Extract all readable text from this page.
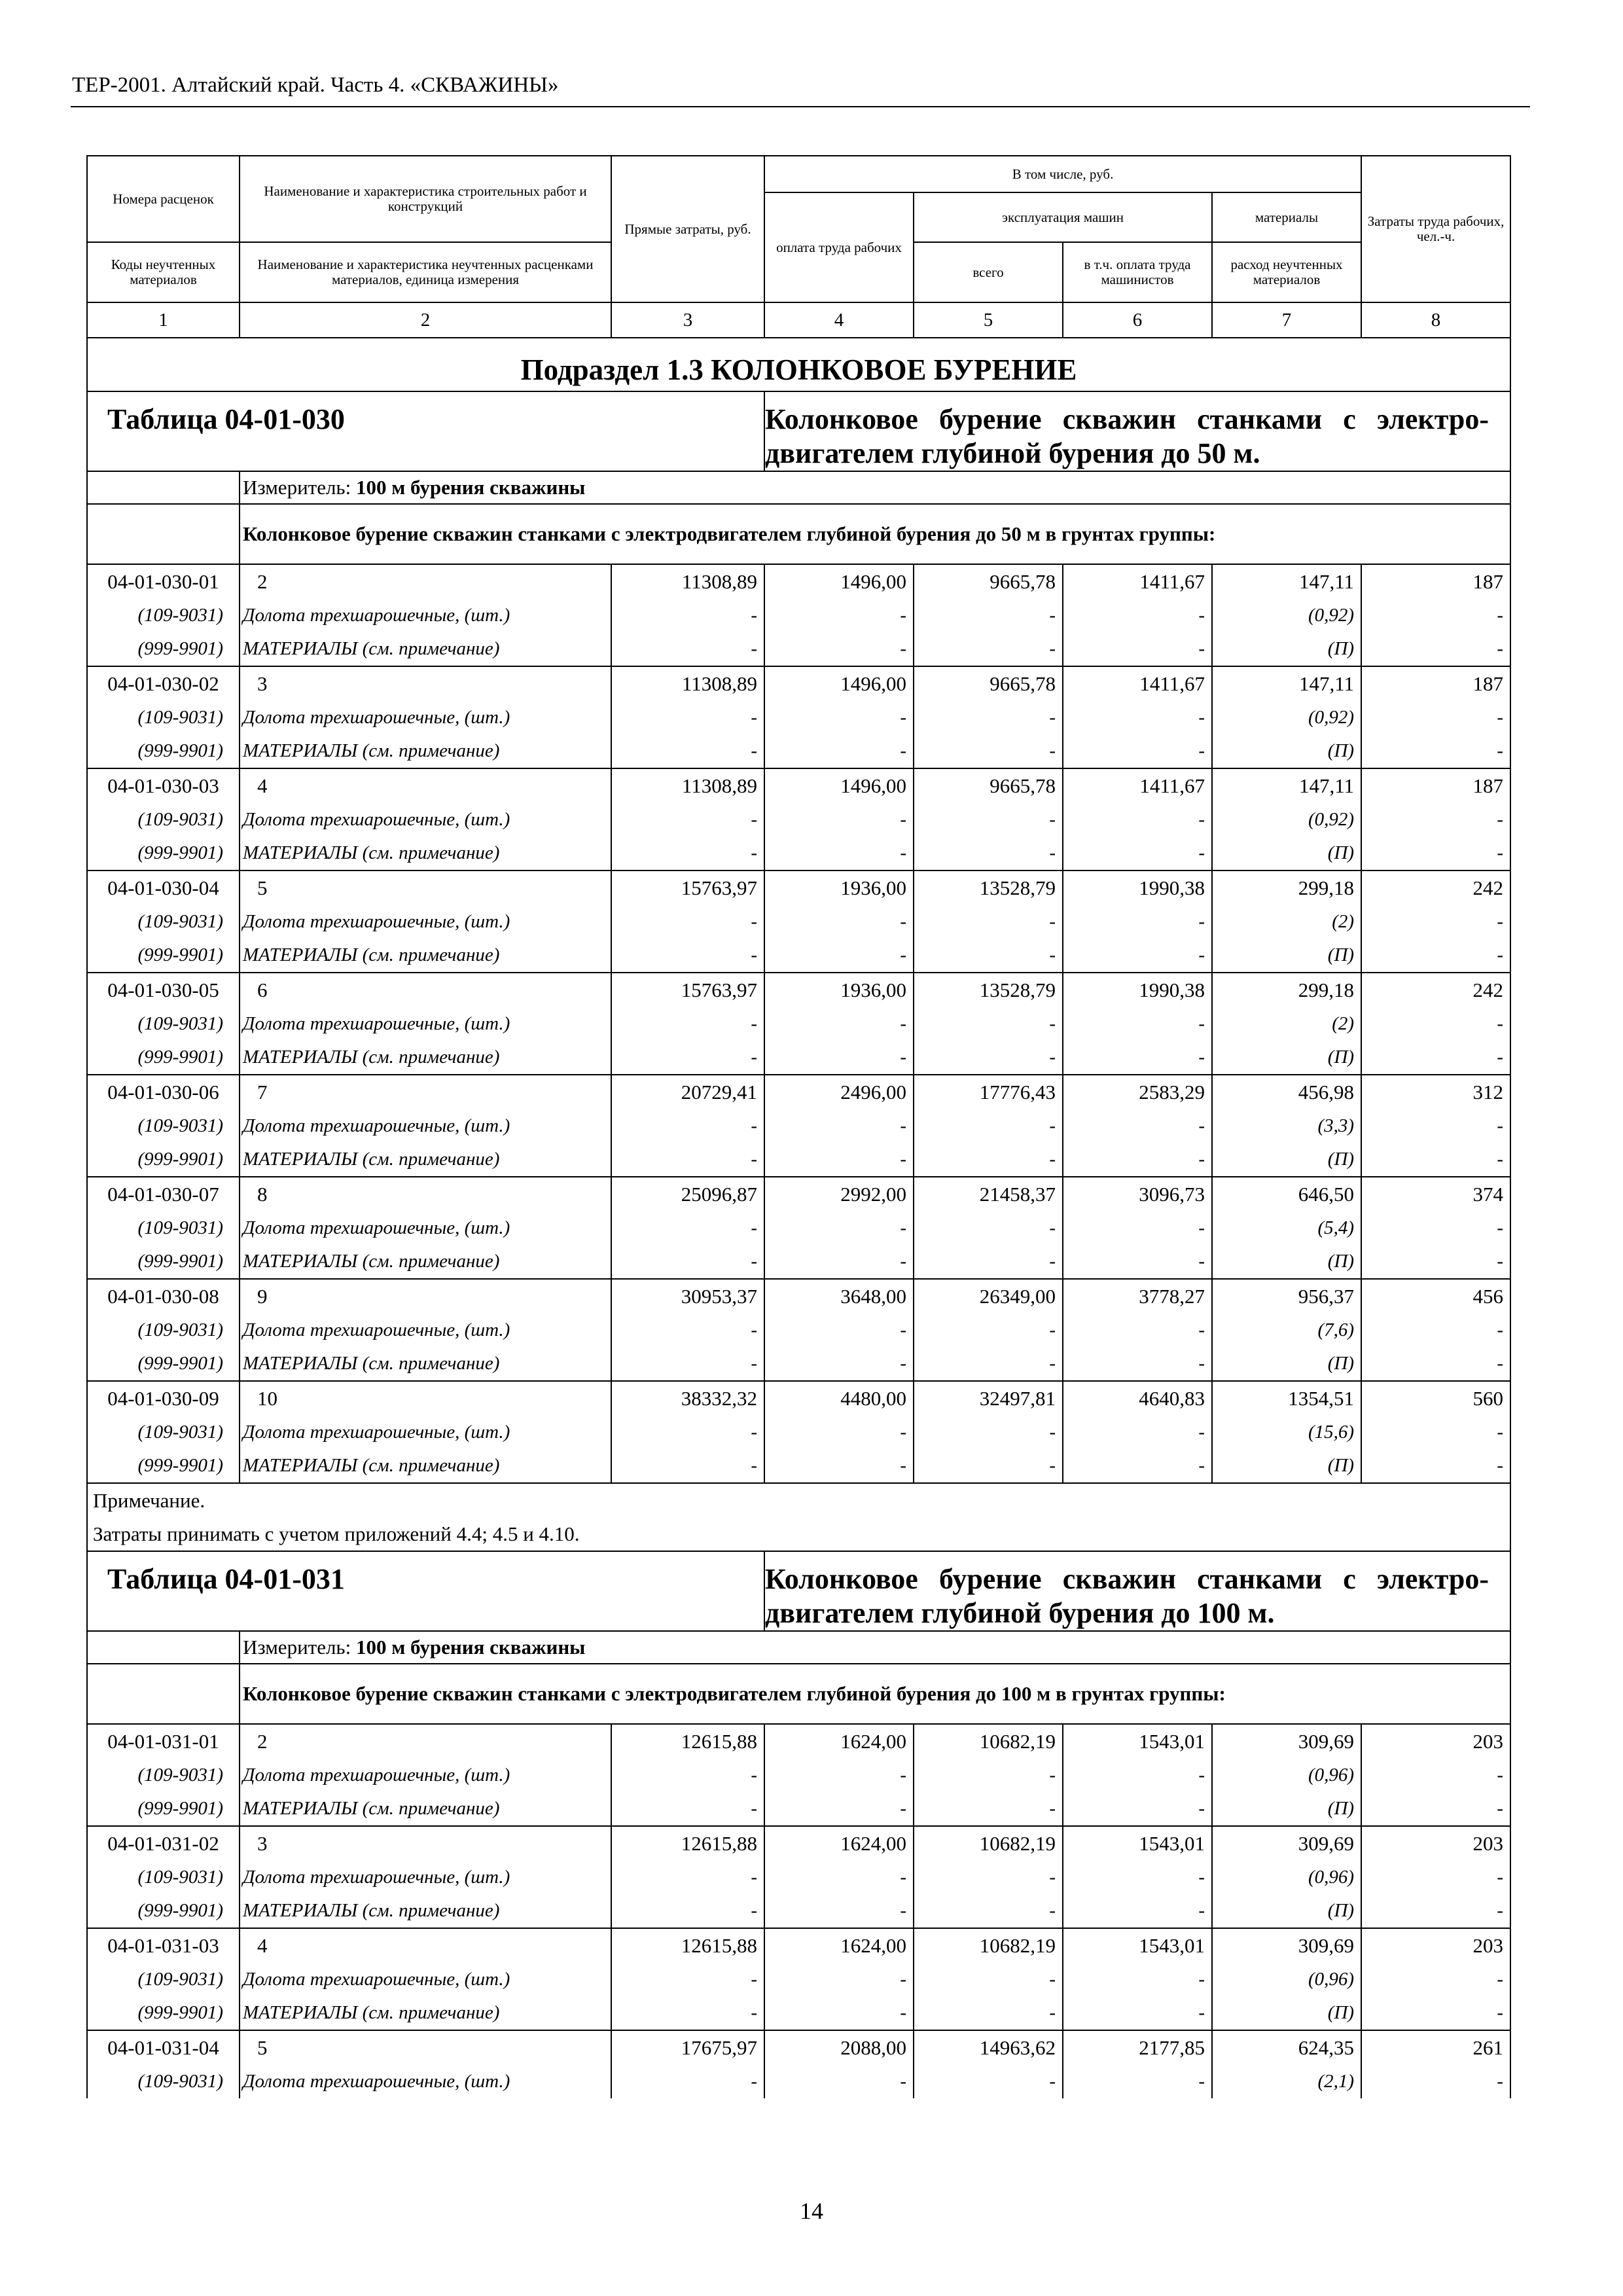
ТЕР-2001. Алтайский край. Часть 4. «СКВАЖИНЫ»
Номера расценок	Наименование и характеристика строительных работ и конструкций	Прямые затраты, руб.	В том числе, руб.				Затраты труда рабочих, чел.-ч.
			оплата труда рабочих	эксплуатация машин		материалы	
Коды неучтенных материалов	Наименование и характеристика неучтенных расценками материалов, единица измерения			всего	в т.ч. оплата труда машинистов	расход неучтенных материалов	
1	2	3	4	5	6	7	8
Подраздел 1.3 КОЛОНКОВОЕ БУРЕНИЕ							
Таблица 04-01-030			Колонковое бурение скважин станками с электро-двигателем глубиной бурения до 50 м.				
	Измеритель: 100 м бурения скважины						
	Колонковое бурение скважин станками с электродвигателем глубиной бурения до 50 м в грунтах группы:						
04-01-030-01	2	11308,89	1496,00	9665,78	1411,67	147,11	187
(109-9031)	Долота трехшарошечные, (шт.)	-	-	-	-	(0,92)	-
(999-9901)	МАТЕРИАЛЫ (см. примечание)	-	-	-	-	(П)	-
04-01-030-02	3	11308,89	1496,00	9665,78	1411,67	147,11	187
(109-9031)	Долота трехшарошечные, (шт.)	-	-	-	-	(0,92)	-
(999-9901)	МАТЕРИАЛЫ (см. примечание)	-	-	-	-	(П)	-
04-01-030-03	4	11308,89	1496,00	9665,78	1411,67	147,11	187
(109-9031)	Долота трехшарошечные, (шт.)	-	-	-	-	(0,92)	-
(999-9901)	МАТЕРИАЛЫ (см. примечание)	-	-	-	-	(П)	-
04-01-030-04	5	15763,97	1936,00	13528,79	1990,38	299,18	242
(109-9031)	Долота трехшарошечные, (шт.)	-	-	-	-	(2)	-
(999-9901)	МАТЕРИАЛЫ (см. примечание)	-	-	-	-	(П)	-
04-01-030-05	6	15763,97	1936,00	13528,79	1990,38	299,18	242
(109-9031)	Долота трехшарошечные, (шт.)	-	-	-	-	(2)	-
(999-9901)	МАТЕРИАЛЫ (см. примечание)	-	-	-	-	(П)	-
04-01-030-06	7	20729,41	2496,00	17776,43	2583,29	456,98	312
(109-9031)	Долота трехшарошечные, (шт.)	-	-	-	-	(3,3)	-
(999-9901)	МАТЕРИАЛЫ (см. примечание)	-	-	-	-	(П)	-
04-01-030-07	8	25096,87	2992,00	21458,37	3096,73	646,50	374
(109-9031)	Долота трехшарошечные, (шт.)	-	-	-	-	(5,4)	-
(999-9901)	МАТЕРИАЛЫ (см. примечание)	-	-	-	-	(П)	-
04-01-030-08	9	30953,37	3648,00	26349,00	3778,27	956,37	456
(109-9031)	Долота трехшарошечные, (шт.)	-	-	-	-	(7,6)	-
(999-9901)	МАТЕРИАЛЫ (см. примечание)	-	-	-	-	(П)	-
04-01-030-09	10	38332,32	4480,00	32497,81	4640,83	1354,51	560
(109-9031)	Долота трехшарошечные, (шт.)	-	-	-	-	(15,6)	-
(999-9901)	МАТЕРИАЛЫ (см. примечание)	-	-	-	-	(П)	-
Примечание.							
Затраты принимать с учетом приложений 4.4; 4.5 и 4.10.							
Таблица 04-01-031			Колонковое бурение скважин станками с электро-двигателем глубиной бурения до 100 м.				
	Измеритель: 100 м бурения скважины						
	Колонковое бурение скважин станками с электродвигателем глубиной бурения до 100 м в грунтах группы:						
04-01-031-01	2	12615,88	1624,00	10682,19	1543,01	309,69	203
(109-9031)	Долота трехшарошечные, (шт.)	-	-	-	-	(0,96)	-
(999-9901)	МАТЕРИАЛЫ (см. примечание)	-	-	-	-	(П)	-
04-01-031-02	3	12615,88	1624,00	10682,19	1543,01	309,69	203
(109-9031)	Долота трехшарошечные, (шт.)	-	-	-	-	(0,96)	-
(999-9901)	МАТЕРИАЛЫ (см. примечание)	-	-	-	-	(П)	-
04-01-031-03	4	12615,88	1624,00	10682,19	1543,01	309,69	203
(109-9031)	Долота трехшарошечные, (шт.)	-	-	-	-	(0,96)	-
(999-9901)	МАТЕРИАЛЫ (см. примечание)	-	-	-	-	(П)	-
04-01-031-04	5	17675,97	2088,00	14963,62	2177,85	624,35	261
(109-9031)	Долота трехшарошечные, (шт.)	-	-	-	-	(2,1)	-
14
